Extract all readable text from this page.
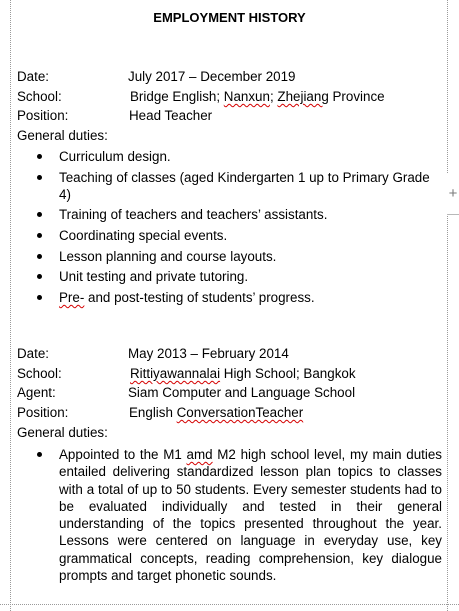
+
EMPLOYMENT HISTORY
Date:	July 2017 – December 2019
School:	Bridge English; Nanxun; Zhejiang Province
Position:	Head Teacher
General duties:
Curriculum design.
Teaching of classes (aged Kindergarten 1 up to Primary Grade 4)
Training of teachers and teachers’ assistants.
Coordinating special events.
Lesson planning and course layouts.
Unit testing and private tutoring.
Pre- and post-testing of students’ progress.
Date:	May 2013 – February 2014
School:	Rittiyawannalai High School; Bangkok
Agent:	Siam Computer and Language School
Position:	English ConversationTeacher
General duties:
Appointed to the M1 amd M2 high school level, my main duties entailed delivering standardized lesson plan topics to classes with a total of up to 50 students. Every semester students had to be evaluated individually and tested in their general understanding of the topics presented throughout the year. Lessons were centered on language in everyday use, key grammatical concepts, reading comprehension, key dialogue prompts and target phonetic sounds.
